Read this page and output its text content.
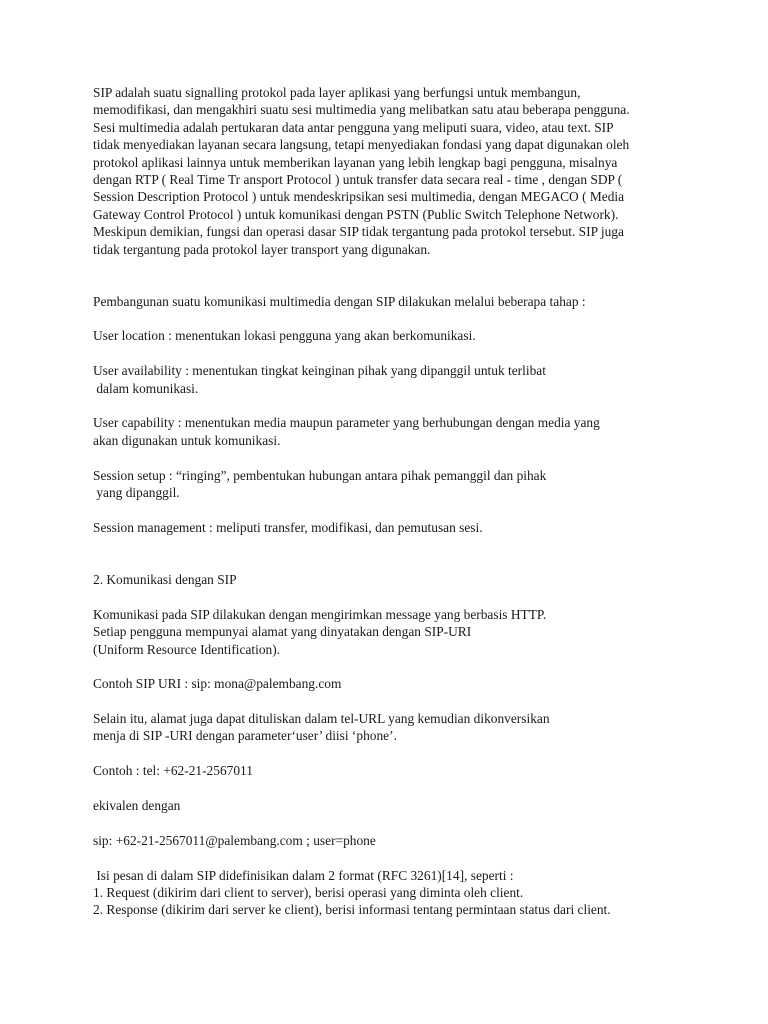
SIP adalah suatu signalling protokol pada layer aplikasi yang berfungsi untuk membangun,
memodifikasi, dan mengakhiri suatu sesi multimedia yang melibatkan satu atau beberapa pengguna.
Sesi multimedia adalah pertukaran data antar pengguna yang meliputi suara, video, atau text. SIP
tidak menyediakan layanan secara langsung, tetapi menyediakan fondasi yang dapat digunakan oleh
protokol aplikasi lainnya untuk memberikan layanan yang lebih lengkap bagi pengguna, misalnya
dengan RTP ( Real Time Tr ansport Protocol ) untuk transfer data secara real - time , dengan SDP (
Session Description Protocol ) untuk mendeskripsikan sesi multimedia, dengan MEGACO ( Media
Gateway Control Protocol ) untuk komunikasi dengan PSTN (Public Switch Telephone Network).
Meskipun demikian, fungsi dan operasi dasar SIP tidak tergantung pada protokol tersebut. SIP juga
tidak tergantung pada protokol layer transport yang digunakan.
Pembangunan suatu komunikasi multimedia dengan SIP dilakukan melalui beberapa tahap :
User location : menentukan lokasi pengguna yang akan berkomunikasi.
User availability : menentukan tingkat keinginan pihak yang dipanggil untuk terlibat
dalam komunikasi.
User capability : menentukan media maupun parameter yang berhubungan dengan media yang
akan digunakan untuk komunikasi.
Session setup : “ringing”, pembentukan hubungan antara pihak pemanggil dan pihak
yang dipanggil.
Session management : meliputi transfer, modifikasi, dan pemutusan sesi.
2. Komunikasi dengan SIP
Komunikasi pada SIP dilakukan dengan mengirimkan message yang berbasis HTTP.
Setiap pengguna mempunyai alamat yang dinyatakan dengan SIP-URI
(Uniform Resource Identification).
Contoh SIP URI : sip: mona@palembang.com
Selain itu, alamat juga dapat dituliskan dalam tel-URL yang kemudian dikonversikan
menja di SIP -URI dengan parameter‘user’ diisi ‘phone’.
Contoh : tel: +62-21-2567011
ekivalen dengan
sip: +62-21-2567011@palembang.com ; user=phone
Isi pesan di dalam SIP didefinisikan dalam 2 format (RFC 3261)[14], seperti :
1. Request (dikirim dari client to server), berisi operasi yang diminta oleh client.
2. Response (dikirim dari server ke client), berisi informasi tentang permintaan status dari client.
